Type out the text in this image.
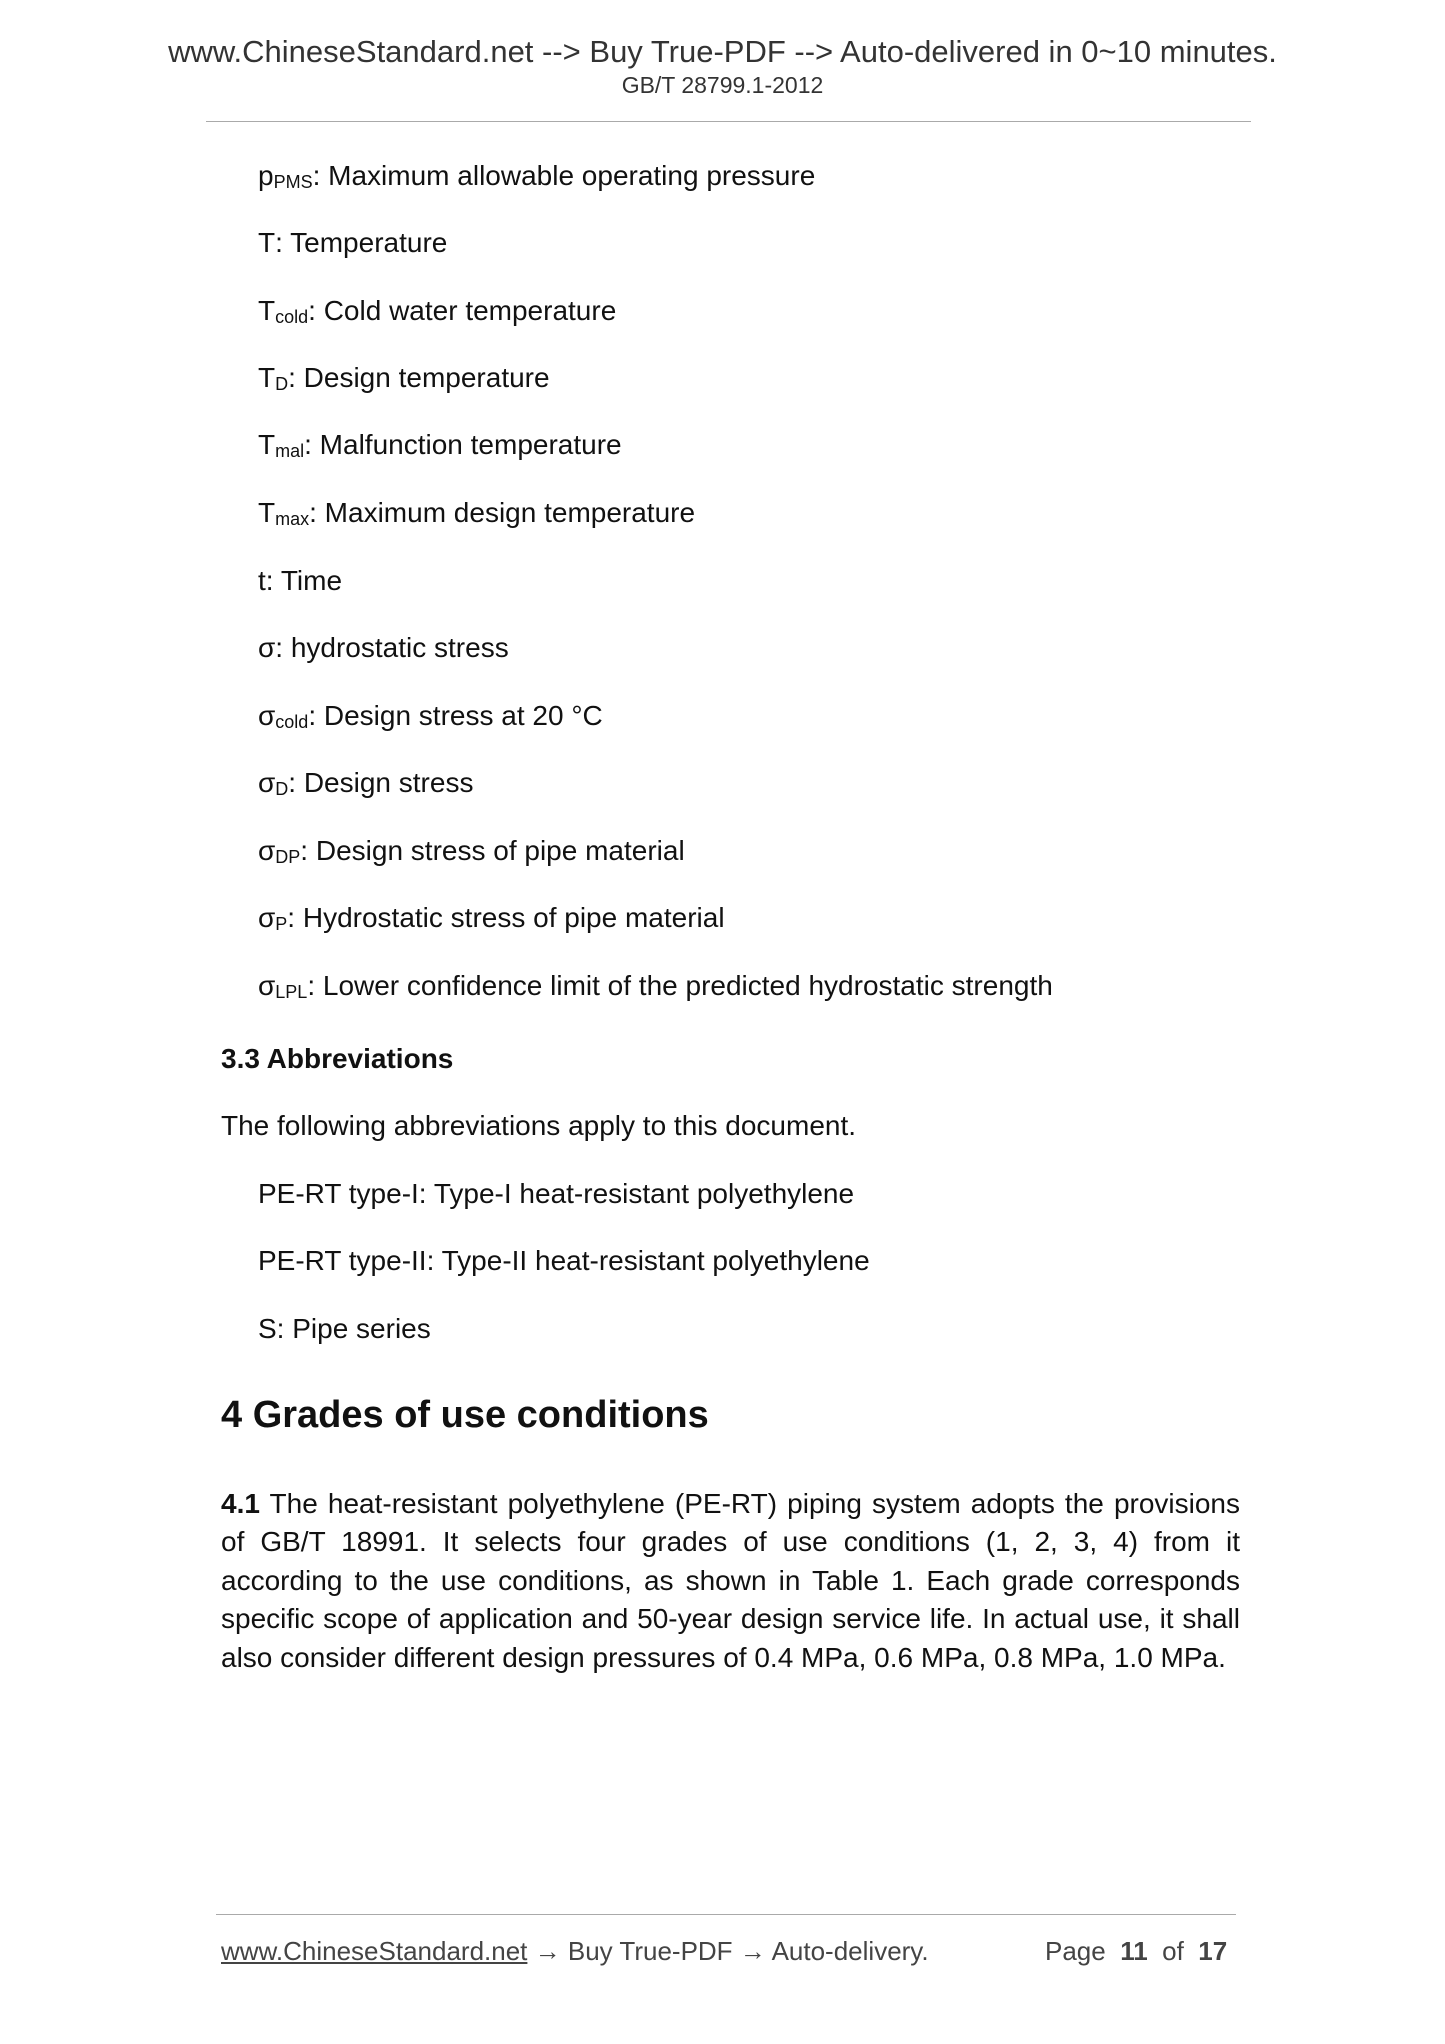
www.ChineseStandard.net --> Buy True-PDF --> Auto-delivered in 0~10 minutes.
GB/T 28799.1-2012
$p_{PMS}$: Maximum allowable operating pressure
T: Temperature
$T_{cold}$: Cold water temperature
$T_D$: Design temperature
$T_{mal}$: Malfunction temperature
$T_{max}$: Maximum design temperature
t: Time
σ: hydrostatic stress
$\sigma_{cold}$: Design stress at 20 °C
$\sigma_D$: Design stress
$\sigma_{DP}$: Design stress of pipe material
$\sigma_P$: Hydrostatic stress of pipe material
$\sigma_{LPL}$: Lower confidence limit of the predicted hydrostatic strength
3.3 Abbreviations
The following abbreviations apply to this document.
PE-RT type-I: Type-I heat-resistant polyethylene
PE-RT type-II: Type-II heat-resistant polyethylene
S: Pipe series
4 Grades of use conditions
4.1 The heat-resistant polyethylene (PE-RT) piping system adopts the provisions of GB/T 18991. It selects four grades of use conditions (1, 2, 3, 4) from it according to the use conditions, as shown in Table 1. Each grade corresponds specific scope of application and 50-year design service life. In actual use, it shall also consider different design pressures of 0.4 MPa, 0.6 MPa, 0.8 MPa, 1.0 MPa.
www.ChineseStandard.net → Buy True-PDF → Auto-delivery.	Page 11 of 17
